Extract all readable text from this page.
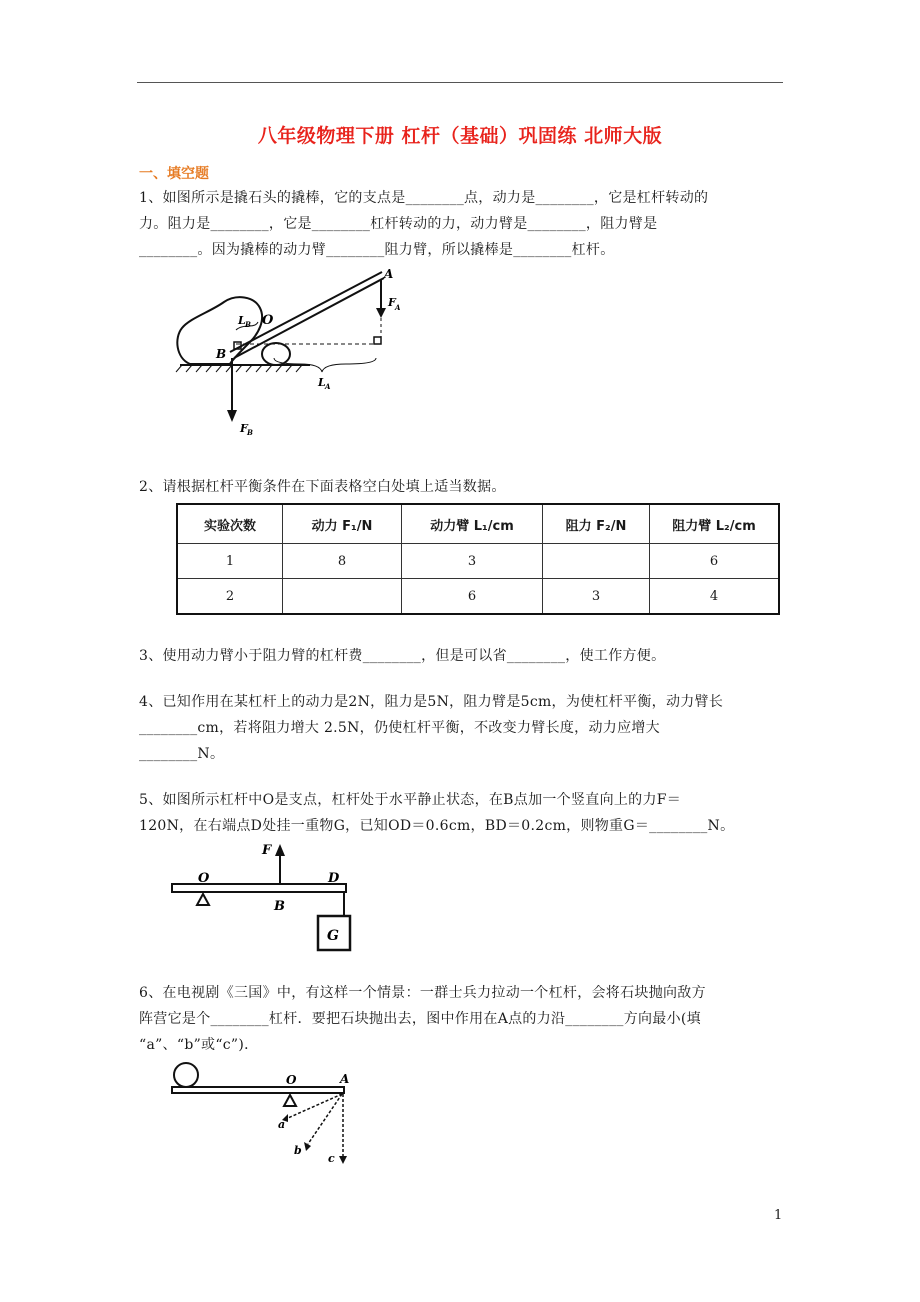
八年级物理下册 杠杆（基础）巩固练 北师大版
一、填空题

1、如图所示是撬石头的撬棒，它的支点是________点，动力是________，它是杠杆转动的

力。阻力是________，它是________杠杆转动的力，动力臂是________，阻力臂是

________。因为撬棒的动力臂________阻力臂，所以撬棒是________杠杆。

A
O
B
F A
L B
L A
F B

2、请根据杠杆平衡条件在下面表格空白处填上适当数据。

实验次数	动力 F₁/N	动力臂 L₁/cm	阻力 F₂/N	阻力臂 L₂/cm
1	8	3		6
2		6	3	4

3、使用动力臂小于阻力臂的杠杆费________，但是可以省________，使工作方便。

4、已知作用在某杠杆上的动力是2N，阻力是5N，阻力臂是5cm，为使杠杆平衡，动力臂长

________cm，若将阻力增大 2.5N，仍使杠杆平衡，不改变力臂长度，动力应增大

________N。

5、如图所示杠杆中O是支点，杠杆处于水平静止状态，在B点加一个竖直向上的力F＝

120N，在右端点D处挂一重物G，已知OD＝0.6cm，BD＝0.2cm，则物重G＝________N。

F
O	D
B
G

6、在电视剧《三国》中，有这样一个情景：一群士兵力拉动一个杠杆，会将石块抛向敌方

阵营它是个________杠杆．要把石块抛出去，图中作用在A点的力沿________方向最小(填

“a”、“b”或“c”)．

O	A
a
b
c
1
